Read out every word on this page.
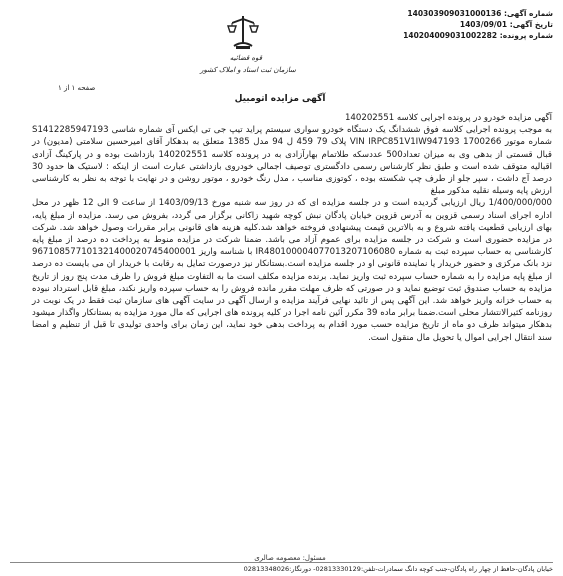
شماره آگهی: 140303909031000136
تاریخ آگهی: 1403/09/01
شماره پرونده: 140204009031002282
صفحه ۱ از ۱
قوه قضائیه
سازمان ثبت اسناد و املاک کشور
آگهی مزایده اتومبیل

آگهی مزایده خودرو در پرونده اجرایی کلاسه 140202551

به موجب پرونده اجرایی کلاسه فوق ششدانگ یک دستگاه خودرو سواری سیستم پراید تیپ جی تی ایکس آی شماره شاسی S1412285947193 شماره موتور 1700266 VIN IRPC851V1IW947193 پلاک 79 459 ل 94 مدل 1385 متعلق به بدهکار آقای امیرحسین سلامتی (مدیون) در قبال قسمتی از بدهی وی به میزان تعداد500 عددسکه طلاتمام بهارآزادی به در پرونده کلاسه 140202551 بازداشت بوده و در پارکینگ آزادی اقبالیه متوقف شده است و طبق نظر کارشناس رسمی دادگستری توصیف اجمالی خودروی بازداشتی عبارت است از اینکه : لاستیک ها حدود 30 درصد آج داشت ، سپر جلو از طرف چپ شکسته بوده ، کوتوزی مناسب ، مدل رنگ خودرو ، موتور روشن و در نهایت با توجه به نظر به کارشناسی ارزش پایه وسیله نقلیه مذکور مبلغ

1/400/000/000 ریال ارزیابی گردیده است و در جلسه مزایده ای که در روز سه شنبه مورخ 1403/09/13 از ساعت 9 الی 12 ظهر در محل اداره اجرای اسناد رسمی قزوین به آدرس قزوین خیابان پادگان نبش کوچه شهید زاکانی برگزار می گردد، بفروش می رسد. مزایده از مبلغ پایه، بهای ارزیابی قطعیت یافته شروع و به بالاترین قیمت پیشنهادی فروخته خواهد شد.کلیه هزینه های قانونی برابر مقررات وصول خواهد شد. شرکت در مزایده حضوری است و شرکت در جلسه مزایده برای عموم آزاد می باشد. ضمنا شرکت در مزایده منوط به پرداخت ده درصد از مبلغ پایه کارشناسی به حساب سپرده ثبت به شماره IR480100004077013207106080 با شناسه واریز 967108577101321400020745400001 نزد بانک مرکزی و حضور خریدار یا نماینده قانونی او در جلسه مزایده است.بستانکار نیز درصورت تمایل به رقابت با خریدار ان می بایست ده درصد از مبلغ پایه مزایده را به شماره حساب سپرده ثبت واریز نماید. برنده مزایده مکلف است ما به التفاوت مبلغ فروش را ظرف مدت پنج روز از تاریخ مزایده به حساب صندوق ثبت توضیع نماید و در صورتی که ظرف مهلت مقرر مانده فروش را به حساب سپرده واریز نکند، مبلغ قابل استرداد نبوده به حساب خزانه واریز خواهد شد. این آگهی پس از تائید نهایی فرآیند مزایده و ارسال آگهی در سایت آگهی های سازمان ثبت فقط در یک نوبت در روزنامه کثیرالانتشار محلی است.ضمنا برابر ماده 39 مکرر آئین نامه اجرا در کلیه پرونده های اجرایی که مال مورد مزایده به بستانکار واگذار میشود بدهکار میتواند ظرف دو ماه از تاریخ مزایده حسب مورد اقدام به پرداخت بدهی خود نماید، این زمان برای واحدی تولیدی تا قبل از تنظیم و امضا سند انتقال اجرایی اموال یا تحویل مال منقول است.

مسئول: معصومه صالری
خیابان پادگان-حافظ از چهار راه پادگان-جنب کوچه دانگ سمادرات-تلفن:02813330129- دورنگار:02813348026
